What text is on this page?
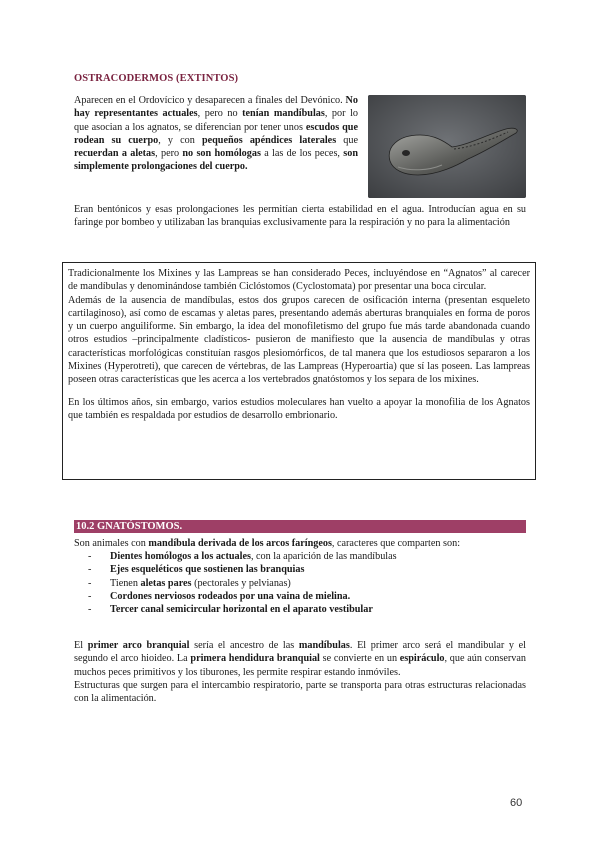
OSTRACODERMOS (EXTINTOS)
Aparecen en el Ordovícico y desaparecen a finales del Devónico. No hay representantes actuales, pero no tenían mandíbulas, por lo que asocian a los agnatos, se diferencian por tener unos escudos que rodean su cuerpo, y con pequeños apéndices laterales que recuerdan a aletas, pero no son homólogas a las de los peces, son simplemente prolongaciones del cuerpo.
Eran bentónicos y esas prolongaciones les permitían cierta estabilidad en el agua. Introducían agua en su faringe por bombeo y utilizaban las branquias exclusivamente para la respiración y no para la alimentación

Tradicionalmente los Mixines y las Lampreas se han considerado Peces, incluyéndose en “Agnatos” al carecer de mandíbulas y denominándose también Ciclóstomos (Cyclostomata) por presentar una boca circular.

Además de la ausencia de mandíbulas, estos dos grupos carecen de osificación interna (presentan esqueleto cartilaginoso), así como de escamas y aletas pares, presentando además aberturas branquiales en forma de poros y un cuerpo anguiliforme. Sin embargo, la idea del monofiletismo del grupo fue más tarde abandonada cuando otros estudios –principalmente cladísticos- pusieron de manifiesto que la ausencia de mandíbulas y otras características morfológicas constituían rasgos plesiomórficos, de tal manera que los estudiosos separaron a los Mixines (Hyperotreti), que carecen de vértebras, de las Lampreas (Hyperoartia) que sí las poseen. Las lampreas poseen otras características que les acerca a los vertebrados gnatóstomos y los separa de los mixines.

En los últimos años, sin embargo, varios estudios moleculares han vuelto a apoyar la monofilia de los Agnatos que también es respaldada por estudios de desarrollo embrionario.

10.2 GNATÓSTOMOS.
Son animales con mandíbula derivada de los arcos faríngeos, caracteres que comparten son:
- Dientes homólogos a los actuales, con la aparición de las mandíbulas
- Ejes esqueléticos que sostienen las branquias
- Tienen aletas pares (pectorales y pelvianas)
- Cordones nerviosos rodeados por una vaina de mielina.
- Tercer canal semicircular horizontal en el aparato vestibular
El primer arco branquial sería el ancestro de las mandíbulas. El primer arco será el mandibular y el segundo el arco hioideo. La primera hendidura branquial se convierte en un espiráculo, que aún conservan muchos peces primitivos y los tiburones, les permite respirar estando inmóviles.
Estructuras que surgen para el intercambio respiratorio, parte se transporta para otras estructuras relacionadas con la alimentación.
60
